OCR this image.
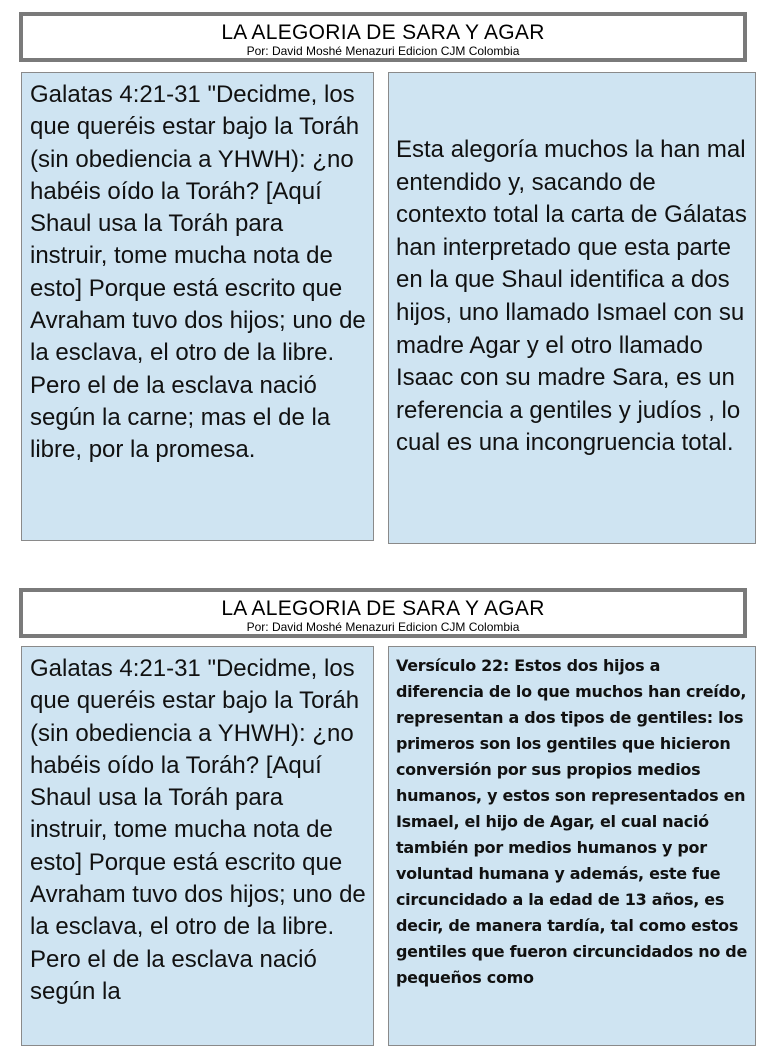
LA ALEGORIA DE SARA Y AGAR
Por: David Moshé Menazuri Edicion CJM Colombia

Galatas 4:21-31 "Decidme, los que queréis estar bajo la Toráh (sin obediencia a YHWH): ¿no habéis oído la Toráh? [Aquí Shaul usa la Toráh para instruir, tome mucha nota de esto] Porque está escrito que Avraham tuvo dos hijos; uno de la esclava, el otro de la libre. Pero el de la esclava nació según la carne; mas el de la libre, por la promesa.

Esta alegoría muchos la han mal entendido y, sacando de contexto total la carta de Gálatas han interpretado que esta parte en la que Shaul identifica a dos hijos, uno llamado Ismael con su madre Agar y el otro llamado Isaac con su madre Sara, es un referencia a gentiles y judíos , lo cual es una incongruencia total.

LA ALEGORIA DE SARA Y AGAR
Por: David Moshé Menazuri Edicion CJM Colombia

Galatas 4:21-31 "Decidme, los que queréis estar bajo la Toráh (sin obediencia a YHWH): ¿no habéis oído la Toráh? [Aquí Shaul usa la Toráh para instruir, tome mucha nota de esto] Porque está escrito que Avraham tuvo dos hijos; uno de la esclava, el otro de la libre. Pero el de la esclava nació según la

Versículo 22: Estos dos hijos a diferencia de lo que muchos han creído, representan a dos tipos de gentiles: los primeros son los gentiles que hicieron conversión por sus propios medios humanos, y estos son representados en Ismael, el hijo de Agar, el cual nació también por medios humanos y por voluntad humana y además, este fue circuncidado a la edad de 13 años, es decir, de manera tardía, tal como estos gentiles que fueron circuncidados no de pequeños como
